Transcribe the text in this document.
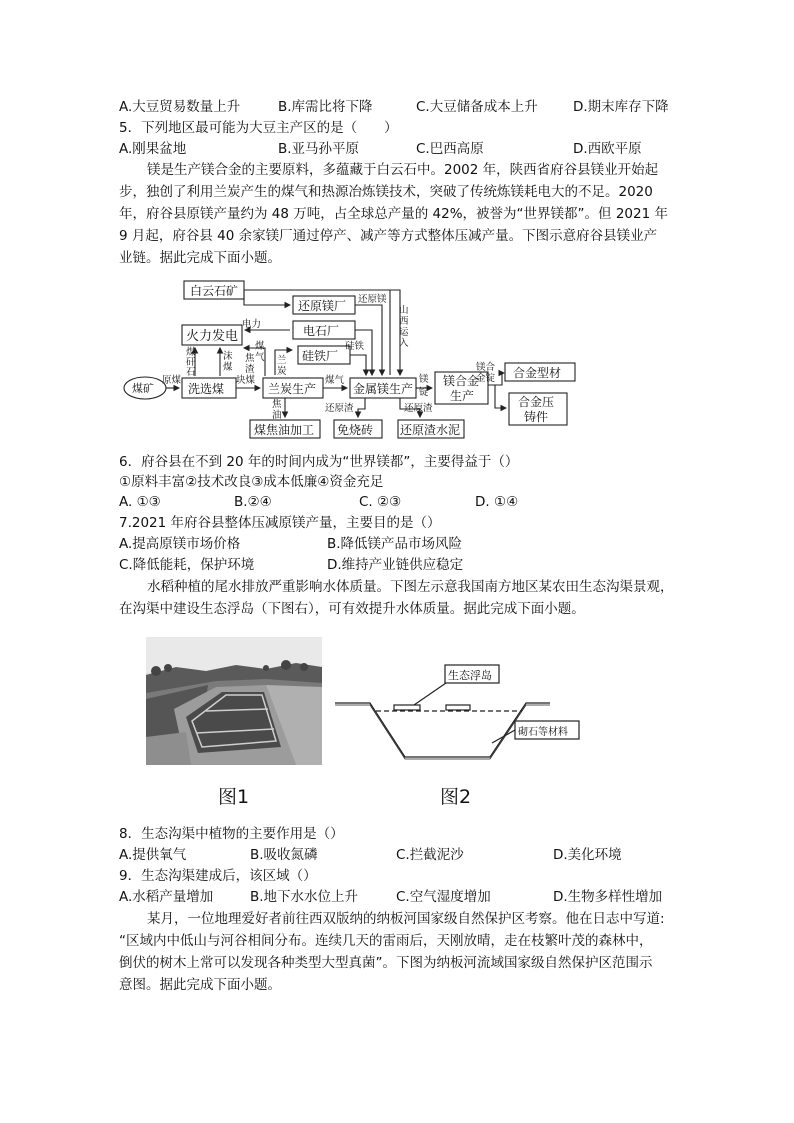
A.大豆贸易数量上升	B.库需比将下降	C.大豆储备成本上升	D.期末库存下降
5．下列地区最可能为大豆主产区的是（　　）
A.刚果盆地	B.亚马孙平原	C.巴西高原	D.西欧平原
镁是生产镁合金的主要原料，多蕴藏于白云石中。2002 年，陕西省府谷县镁业开始起
步，独创了利用兰炭产生的煤气和热源冶炼镁技术，突破了传统炼镁耗电大的不足。2020
年，府谷县原镁产量约为 48 万吨，占全球总产量的 42%，被誉为“世界镁都”。但 2021 年
9 月起，府谷县 40 余家镁厂通过停产、减产等方式整体压减产量。下图示意府谷县镁业产
业链。据此完成下面小题。
白云石矿
还原镁厂
火力发电	电石厂
硅铁厂
煤矿	洗选煤	兰炭生产	金属镁生产
镁合金
生产
合金型材
合金压
铸件
煤焦油加工 免烧砖 还原渣水泥
还原镁
山
西
运
入
电力
煤
气
焦
渣
煤
矸
石
沫
煤
兰
炭
硅铁
原煤	块煤	煤气
焦
油
还原渣	还原渣
镁
锭
镁合
金锭
6．府谷县在不到 20 年的时间内成为“世界镁都”，主要得益于（）
①原料丰富②技术改良③成本低廉④资金充足
A. ①③	B.②④	C. ②③	D. ①④
7.2021 年府谷县整体压减原镁产量，主要目的是（）
A.提高原镁市场价格	B.降低镁产品市场风险
C.降低能耗，保护环境	D.维持产业链供应稳定
水稻种植的尾水排放严重影响水体质量。下图左示意我国南方地区某农田生态沟渠景观，
在沟渠中建设生态浮岛（下图右），可有效提升水体质量。据此完成下面小题。
生态浮岛
砌石等材料
图1	图2
8．生态沟渠中植物的主要作用是（）
A.提供氧气	B.吸收氮磷	C.拦截泥沙	D.美化环境
9．生态沟渠建成后，该区域（）
A.水稻产量增加	B.地下水水位上升	C.空气湿度增加	D.生物多样性增加
某月，一位地理爱好者前往西双版纳的纳板河国家级自然保护区考察。他在日志中写道:
“区域内中低山与河谷相间分布。连续几天的雷雨后，天刚放晴，走在枝繁叶茂的森林中，
倒伏的树木上常可以发现各种类型大型真菌”。下图为纳板河流域国家级自然保护区范围示
意图。据此完成下面小题。
